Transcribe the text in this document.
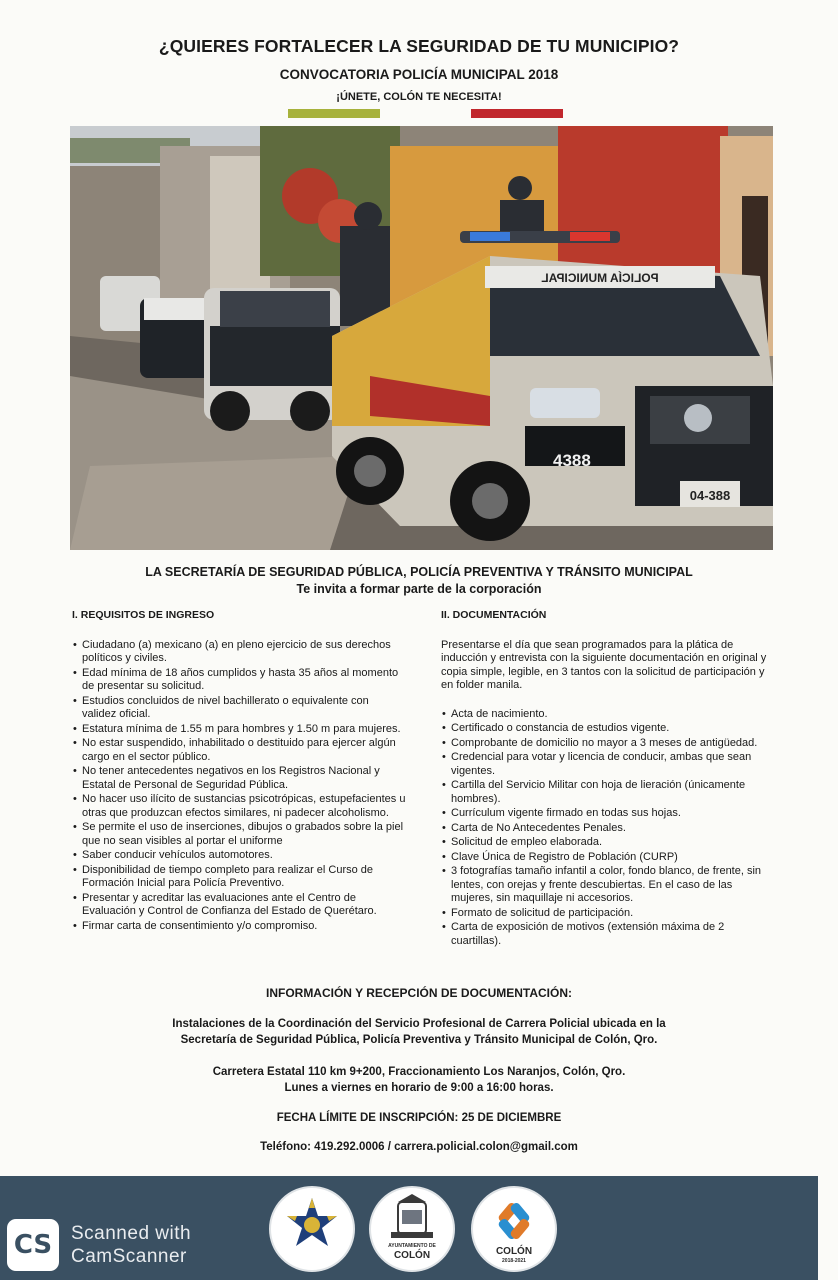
¿QUIERES FORTALECER LA SEGURIDAD DE TU MUNICIPIO?
CONVOCATORIA POLICÍA MUNICIPAL 2018
¡ÚNETE, COLÓN TE NECESITA!
POLICÍA MUNICIPAL
4388
04-388
LA SECRETARÍA DE SEGURIDAD PÚBLICA, POLICÍA PREVENTIVA Y TRÁNSITO MUNICIPAL
Te invita a formar parte de la corporación
I. REQUISITOS DE INGRESO
• Ciudadano (a) mexicano (a) en pleno ejercicio de sus derechos políticos y civiles.
• Edad mínima de 18 años cumplidos y hasta 35 años al momento de presentar su solicitud.
• Estudios concluidos de nivel bachillerato o equivalente con validez oficial.
• Estatura mínima de 1.55 m para hombres y 1.50 m para mujeres.
• No estar suspendido, inhabilitado o destituido para ejercer algún cargo en el sector público.
• No tener antecedentes negativos en los Registros Nacional y Estatal de Personal de Seguridad Pública.
• No hacer uso ilícito de sustancias psicotrópicas, estupefacientes u otras que produzcan efectos similares, ni padecer alcoholismo.
• Se permite el uso de inserciones, dibujos o grabados sobre la piel que no sean visibles al portar el uniforme
• Saber conducir vehículos automotores.
• Disponibilidad de tiempo completo para realizar el Curso de Formación Inicial para Policía Preventivo.
• Presentar y acreditar las evaluaciones ante el Centro de Evaluación y Control de Confianza del Estado de Querétaro.
• Firmar carta de consentimiento y/o compromiso.
II. DOCUMENTACIÓN

Presentarse el día que sean programados para la plática de inducción y entrevista con la siguiente documentación en original y copia simple, legible, en 3 tantos con la solicitud de participación y en folder manila.

• Acta de nacimiento.
• Certificado o constancia de estudios vigente.
• Comprobante de domicilio no mayor a 3 meses de antigüedad.
• Credencial para votar y licencia de conducir, ambas que sean vigentes.
• Cartilla del Servicio Militar con hoja de lieración (únicamente hombres).
• Currículum vigente firmado en todas sus hojas.
• Carta de No Antecedentes Penales.
• Solicitud de empleo elaborada.
• Clave Única de Registro de Población (CURP)
• 3 fotografías tamaño infantil a color, fondo blanco, de frente, sin lentes, con orejas y frente descubiertas. En el caso de las mujeres, sin maquillaje ni accesorios.
• Formato de solicitud de participación.
• Carta de exposición de motivos (extensión máxima de 2 cuartillas).
INFORMACIÓN Y RECEPCIÓN DE DOCUMENTACIÓN:
Instalaciones de la Coordinación del Servicio Profesional de Carrera Policial ubicada en la
Secretaría de Seguridad Pública, Policía Preventiva y Tránsito Municipal de Colón, Qro.
Carretera Estatal 110 km 9+200, Fraccionamiento Los Naranjos, Colón, Qro.
Lunes a viernes en horario de 9:00 a 16:00 horas.
FECHA LÍMITE DE INSCRIPCIÓN: 25 DE DICIEMBRE
Teléfono: 419.292.0006 / carrera.policial.colon@gmail.com
AYUNTAMIENTO DE
COLÓN	COLÓN
2018-2021
CS Scanned with
CamScanner
